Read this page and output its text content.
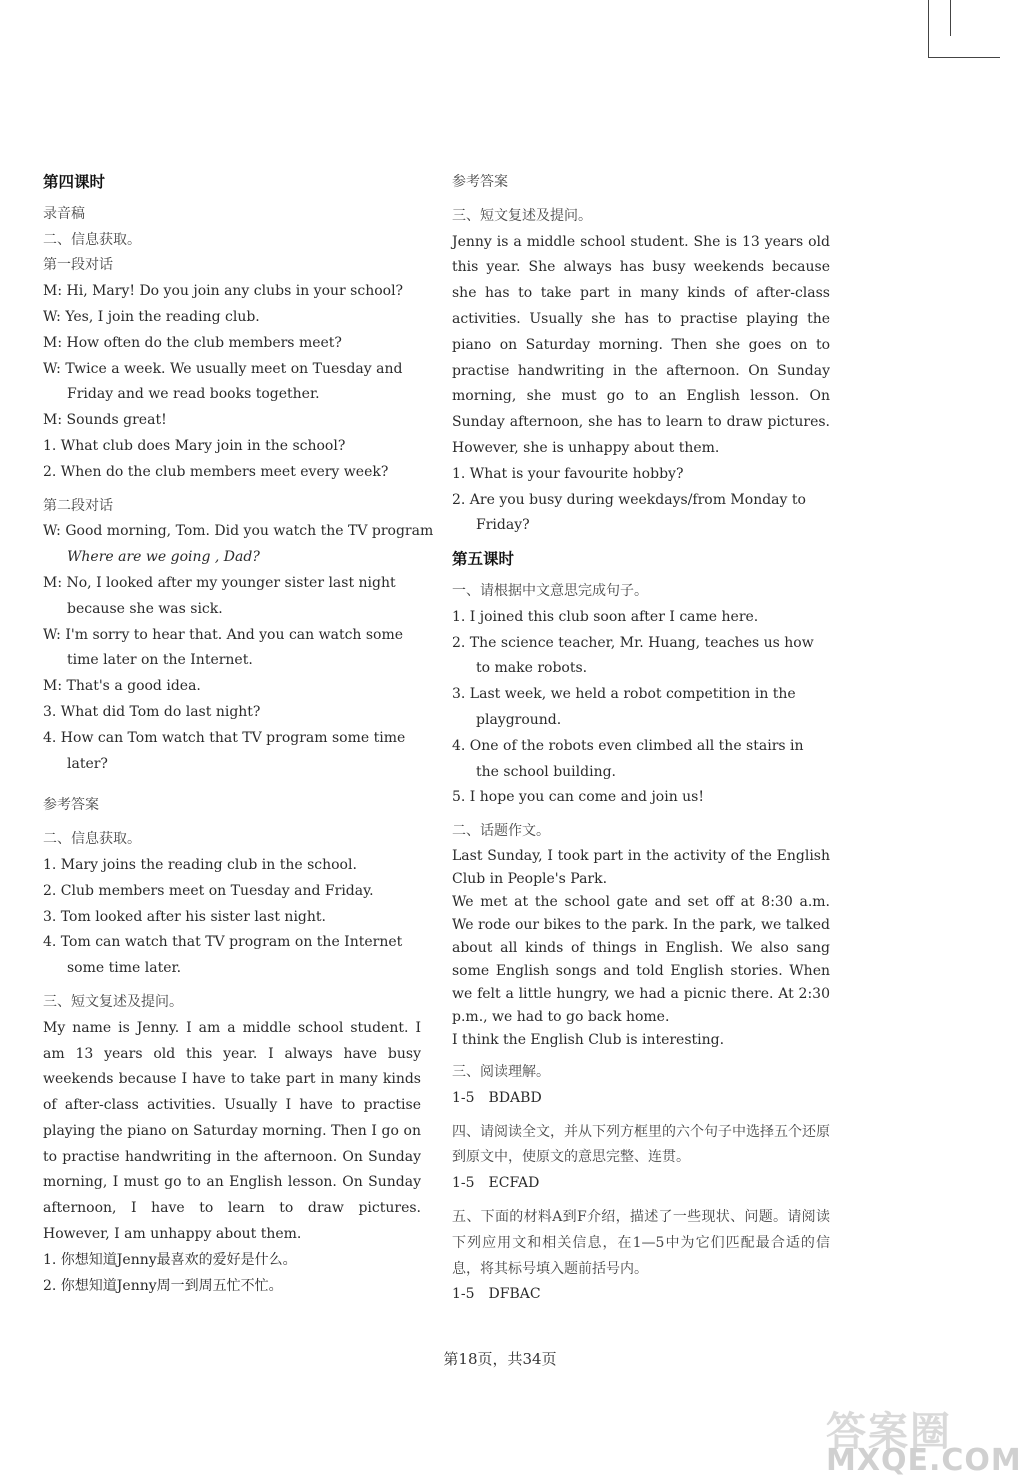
第四课时
录音稿
二、信息获取。
第一段对话
M: Hi, Mary! Do you join any clubs in your school?
W: Yes, I join the reading club.
M: How often do the club members meet?
W: Twice a week. We usually meet on Tuesday and Friday and we read books together.
M: Sounds great!
1. What club does Mary join in the school?
2. When do the club members meet every week?
第二段对话
W: Good morning, Tom. Did you watch the TV program
Where are we going , Dad?
M: No, I looked after my younger sister last night because she was sick.
W: I'm sorry to hear that. And you can watch some time later on the Internet.
M: That's a good idea.
3. What did Tom do last night?
4. How can Tom watch that TV program some time later?
参考答案
二、信息获取。
1. Mary joins the reading club in the school.
2. Club members meet on Tuesday and Friday.
3. Tom looked after his sister last night.
4. Tom can watch that TV program on the Internet some time later.
三、短文复述及提问。
My name is Jenny. I am a middle school student. I am 13 years old this year. I always have busy weekends because I have to take part in many kinds of after-class activities. Usually I have to practise playing the piano on Saturday morning. Then I go on to practise handwriting in the afternoon. On Sunday morning, I must go to an English lesson. On Sunday afternoon, I have to learn to draw pictures. However, I am unhappy about them.
1. 你想知道Jenny最喜欢的爱好是什么。
2. 你想知道Jenny周一到周五忙不忙。
参考答案
三、短文复述及提问。
Jenny is a middle school student. She is 13 years old this year. She always has busy weekends because she has to take part in many kinds of after-class activities. Usually she has to practise playing the piano on Saturday morning. Then she goes on to practise handwriting in the afternoon. On Sunday morning, she must go to an English lesson. On Sunday afternoon, she has to learn to draw pictures. However, she is unhappy about them.
1. What is your favourite hobby?
2. Are you busy during weekdays/from Monday to Friday?
第五课时
一、请根据中文意思完成句子。
1. I joined this club soon after I came here.
2. The science teacher, Mr. Huang, teaches us how to make robots.
3. Last week, we held a robot competition in the playground.
4. One of the robots even climbed all the stairs in the school building.
5. I hope you can come and join us!
二、话题作文。
Last Sunday, I took part in the activity of the English Club in People's Park.
We met at the school gate and set off at 8:30 a.m. We rode our bikes to the park. In the park, we talked about all kinds of things in English. We also sang some English songs and told English stories. When we felt a little hungry, we had a picnic there. At 2:30 p.m., we had to go back home.
I think the English Club is interesting.
三、阅读理解。
1-5　BDABD
四、请阅读全文，并从下列方框里的六个句子中选择五个还原到原文中，使原文的意思完整、连贯。
1-5　ECFAD
五、下面的材料A到F介绍，描述了一些现状、问题。请阅读下列应用文和相关信息，在1—5中为它们匹配最合适的信息，将其标号填入题前括号内。
1-5　DFBAC
第18页，共34页
答案圈
MXQE.COM
